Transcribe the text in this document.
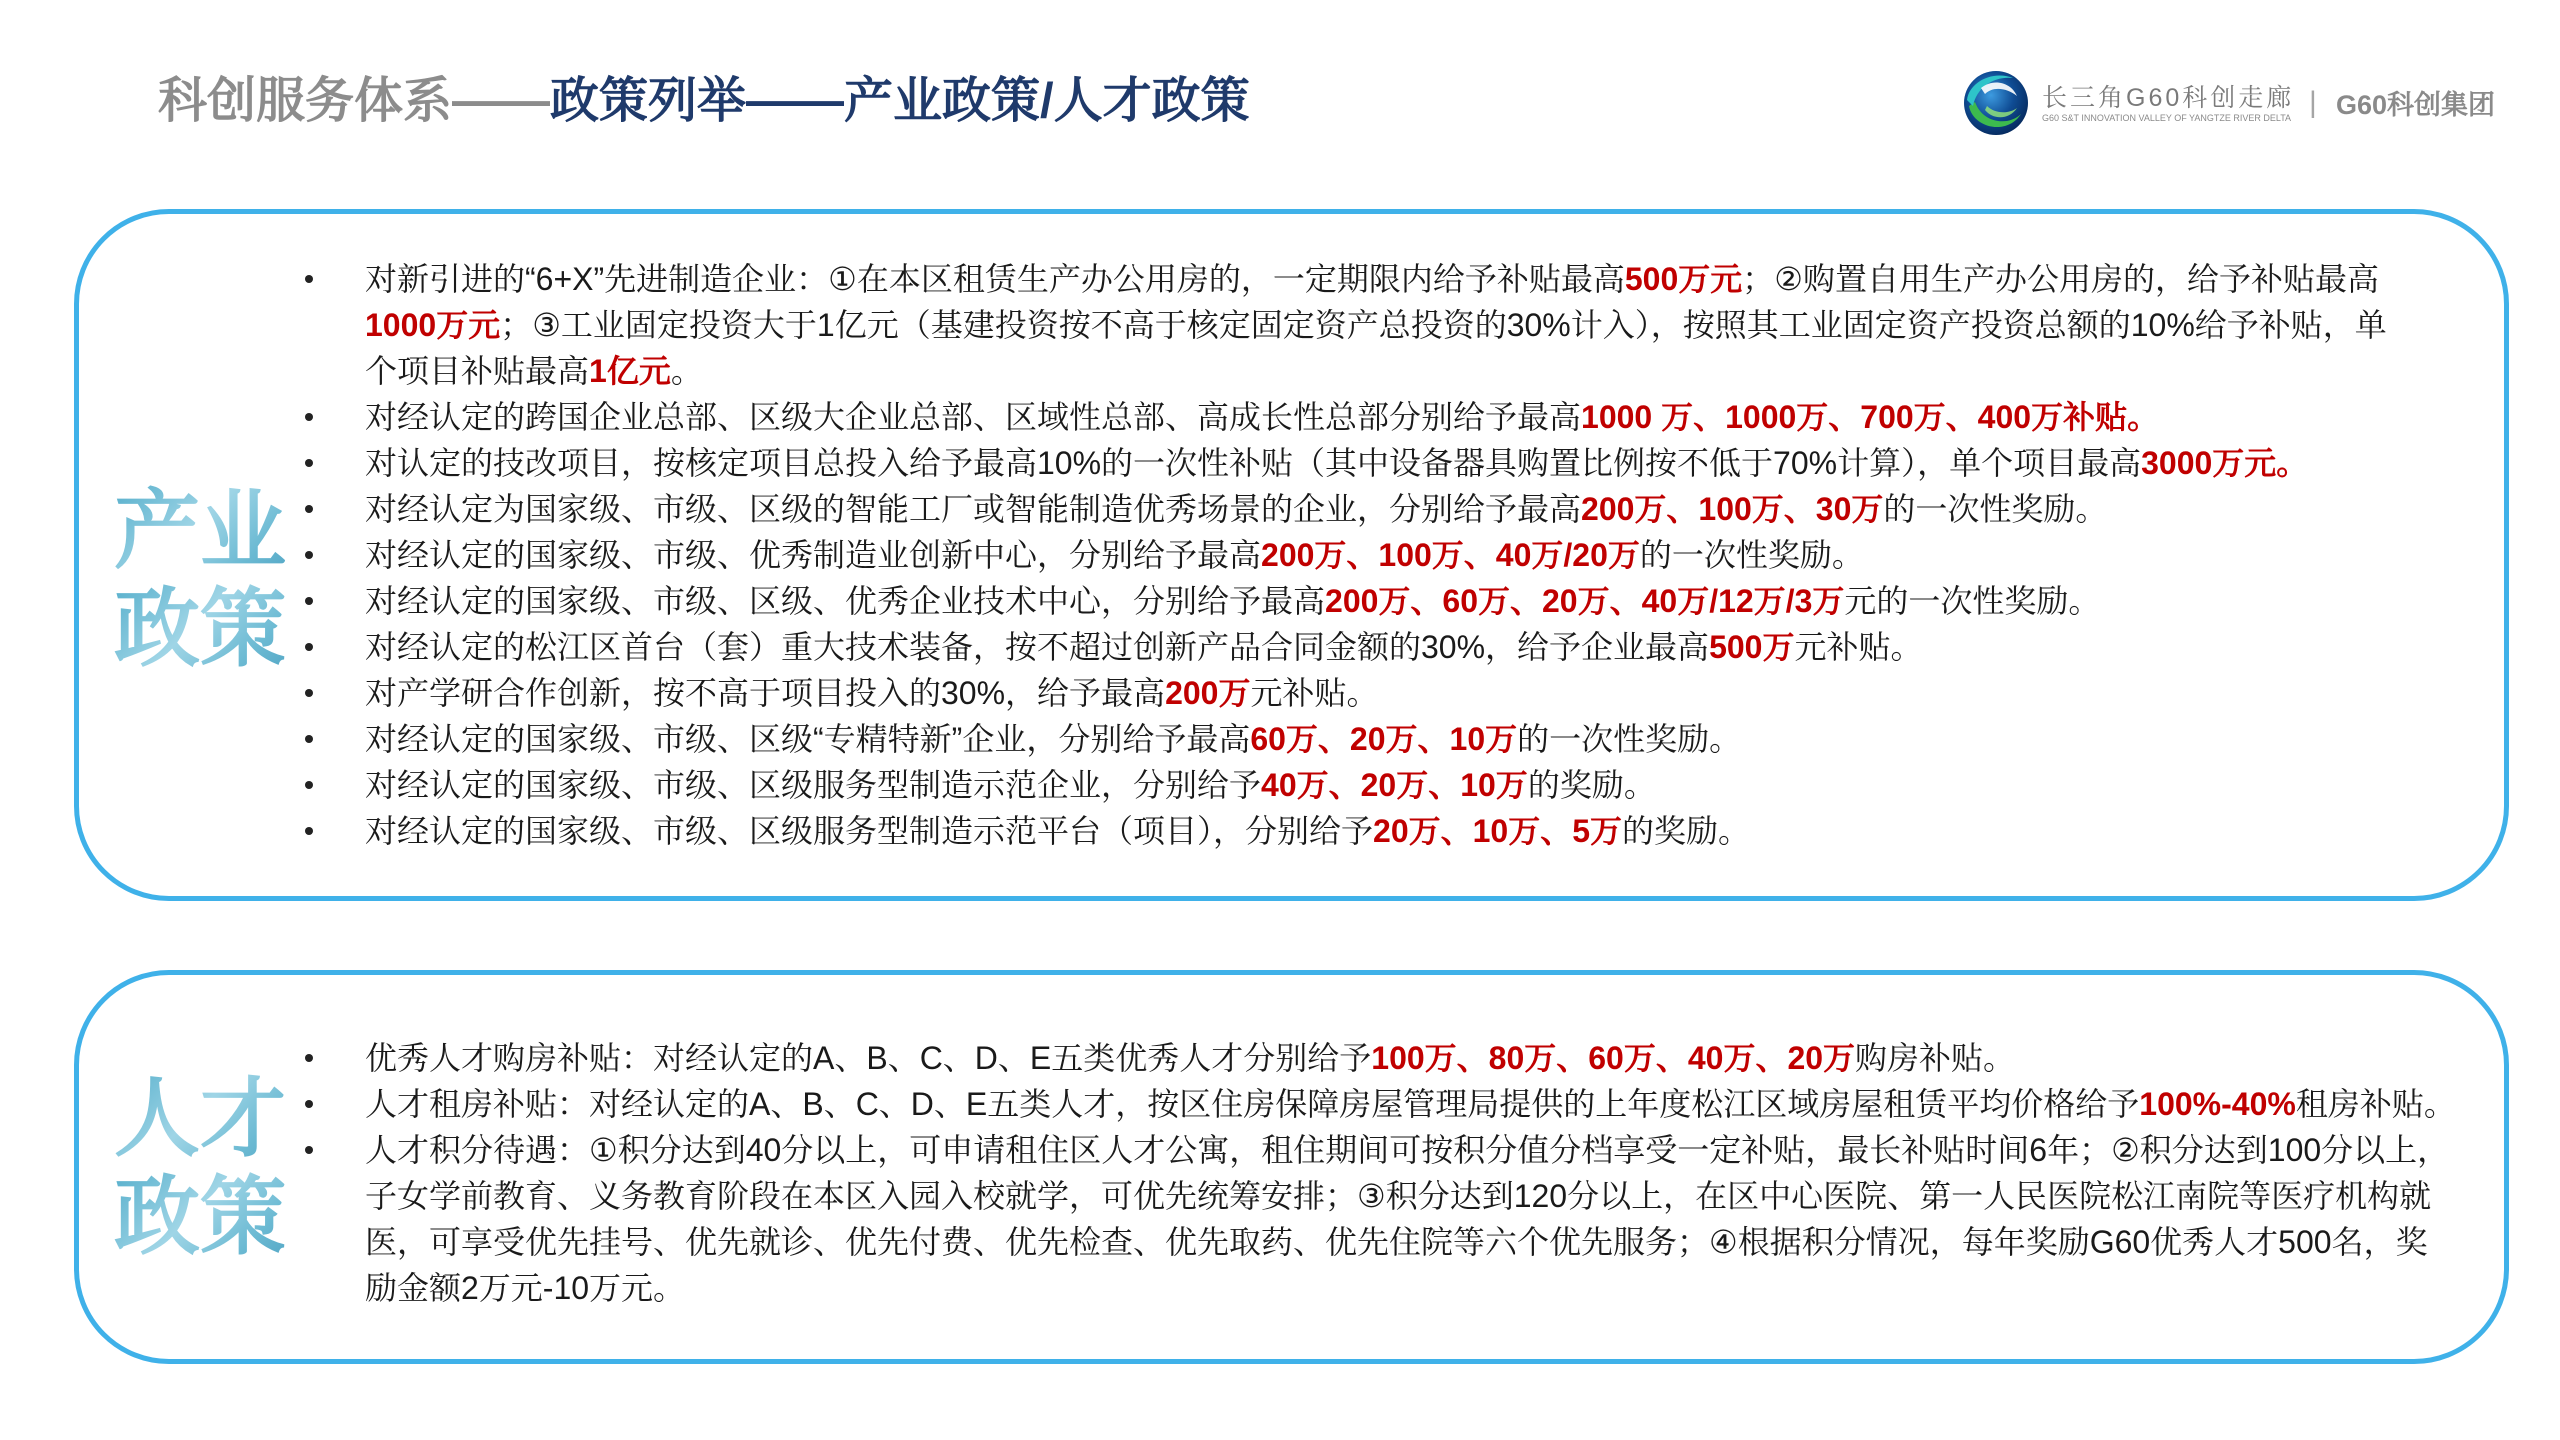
科创服务体系——政策列举——产业政策/人才政策	长三角G60科创走廊
G60 S&T INNOVATION VALLEY OF YANGTZE RIVER DELTA | G60科创集团
产业
政策
对新引进的“6+X”先进制造企业：①在本区租赁生产办公用房的，一定期限内给予补贴最高500万元；②购置自用生产办公用房的，给予补贴最高
1000万元；③工业固定投资大于1亿元（基建投资按不高于核定固定资产总投资的30%计入），按照其工业固定资产投资总额的10%给予补贴，单
个项目补贴最高1亿元。
对经认定的跨国企业总部、区级大企业总部、区域性总部、高成长性总部分别给予最高1000 万、1000万、700万、400万补贴。
对认定的技改项目，按核定项目总投入给予最高10%的一次性补贴（其中设备器具购置比例按不低于70%计算），单个项目最高3000万元。
对经认定为国家级、市级、区级的智能工厂或智能制造优秀场景的企业，分别给予最高200万、100万、30万的一次性奖励。
对经认定的国家级、市级、优秀制造业创新中心，分别给予最高200万、100万、40万/20万的一次性奖励。
对经认定的国家级、市级、区级、优秀企业技术中心，分别给予最高200万、60万、20万、40万/12万/3万元的一次性奖励。
对经认定的松江区首台（套）重大技术装备，按不超过创新产品合同金额的30%，给予企业最高500万元补贴。
对产学研合作创新，按不高于项目投入的30%，给予最高200万元补贴。
对经认定的国家级、市级、区级“专精特新”企业，分别给予最高60万、20万、10万的一次性奖励。
对经认定的国家级、市级、区级服务型制造示范企业，分别给予40万、20万、10万的奖励。
对经认定的国家级、市级、区级服务型制造示范平台（项目），分别给予20万、10万、5万的奖励。
人才
政策
优秀人才购房补贴：对经认定的A、B、C、D、E五类优秀人才分别给予100万、80万、60万、40万、20万购房补贴。
人才租房补贴：对经认定的A、B、C、D、E五类人才，按区住房保障房屋管理局提供的上年度松江区域房屋租赁平均价格给予100%-40%租房补贴。
人才积分待遇：①积分达到40分以上，可申请租住区人才公寓，租住期间可按积分值分档享受一定补贴，最长补贴时间6年；②积分达到100分以上，
子女学前教育、义务教育阶段在本区入园入校就学，可优先统筹安排；③积分达到120分以上，在区中心医院、第一人民医院松江南院等医疗机构就
医，可享受优先挂号、优先就诊、优先付费、优先检查、优先取药、优先住院等六个优先服务；④根据积分情况，每年奖励G60优秀人才500名，奖
励金额2万元-10万元。
